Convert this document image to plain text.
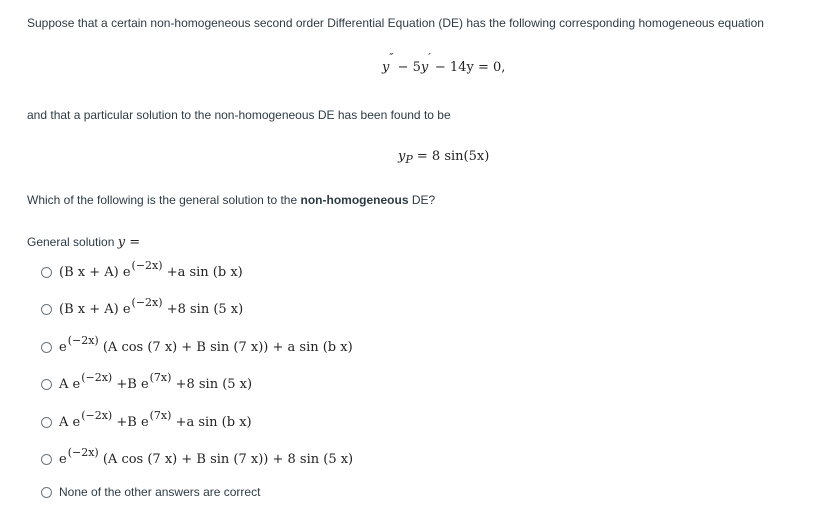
Suppose that a certain non-homogeneous second order Differential Equation (DE) has the following corresponding homogeneous equation
y″ − 5y′ − 14y = 0,
and that a particular solution to the non-homogeneous DE has been found to be
$y_P = 8$ sin(5x)
Which of the following is the general solution to the non-homogeneous DE?
General solution y =
(B x + A) $e^{(-2x)} +a$ sin (b x)
(B x + A) $e^{(-2x)} +8$ sin (5 x)
$e^{(-2x)}$ (A cos (7 x) + B sin (7 x)) + a sin (b x)
A $e^{(-2x)} +B$ $e^{(7x)} +8$ sin (5 x)
A $e^{(-2x)} +B$ $e^{(7x)} +a$ sin (b x)
$e^{(-2x)}$ (A cos (7 x) + B sin (7 x)) + 8 sin (5 x)
None of the other answers are correct
